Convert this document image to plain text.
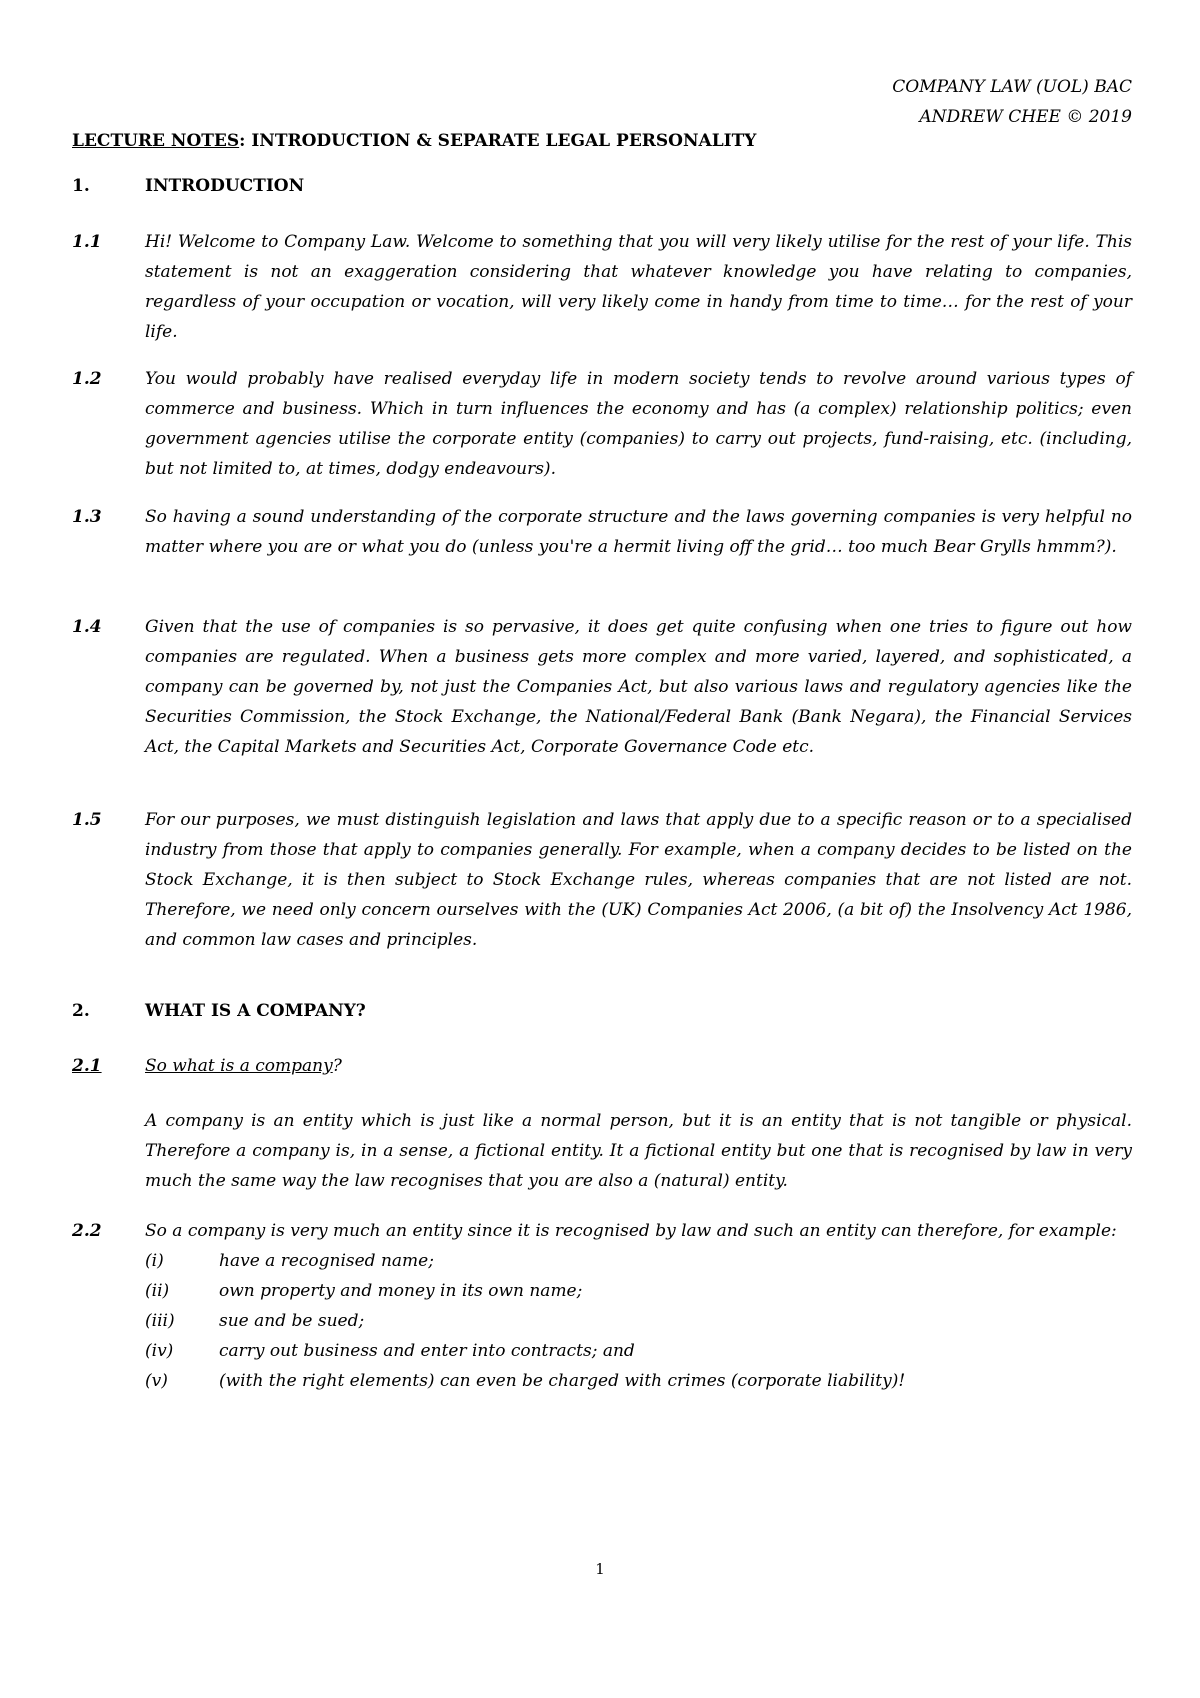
COMPANY LAW (UOL) BAC
ANDREW CHEE © 2019
LECTURE NOTES: INTRODUCTION & SEPARATE LEGAL PERSONALITY
1.	INTRODUCTION
1.1	Hi! Welcome to Company Law. Welcome to something that you will very likely utilise for the rest of your life. This statement is not an exaggeration considering that whatever knowledge you have relating to companies, regardless of your occupation or vocation, will very likely come in handy from time to time… for the rest of your life.
1.2	You would probably have realised everyday life in modern society tends to revolve around various types of commerce and business. Which in turn influences the economy and has (a complex) relationship politics; even government agencies utilise the corporate entity (companies) to carry out projects, fund-raising, etc. (including, but not limited to, at times, dodgy endeavours).
1.3	So having a sound understanding of the corporate structure and the laws governing companies is very helpful no matter where you are or what you do (unless you're a hermit living off the grid… too much Bear Grylls hmmm?).
1.4	Given that the use of companies is so pervasive, it does get quite confusing when one tries to figure out how companies are regulated. When a business gets more complex and more varied, layered, and sophisticated, a company can be governed by, not just the Companies Act, but also various laws and regulatory agencies like the Securities Commission, the Stock Exchange, the National/Federal Bank (Bank Negara), the Financial Services Act, the Capital Markets and Securities Act, Corporate Governance Code etc.
1.5	For our purposes, we must distinguish legislation and laws that apply due to a specific reason or to a specialised industry from those that apply to companies generally. For example, when a company decides to be listed on the Stock Exchange, it is then subject to Stock Exchange rules, whereas companies that are not listed are not. Therefore, we need only concern ourselves with the (UK) Companies Act 2006, (a bit of) the Insolvency Act 1986, and common law cases and principles.
2.	WHAT IS A COMPANY?
2.1	So what is a company?
A company is an entity which is just like a normal person, but it is an entity that is not tangible or physical. Therefore a company is, in a sense, a fictional entity. It a fictional entity but one that is recognised by law in very much the same way the law recognises that you are also a (natural) entity.
2.2	So a company is very much an entity since it is recognised by law and such an entity can therefore, for example:
(i)	have a recognised name;
(ii)	own property and money in its own name;
(iii)	sue and be sued;
(iv)	carry out business and enter into contracts; and
(v)	(with the right elements) can even be charged with crimes (corporate liability)!
1
